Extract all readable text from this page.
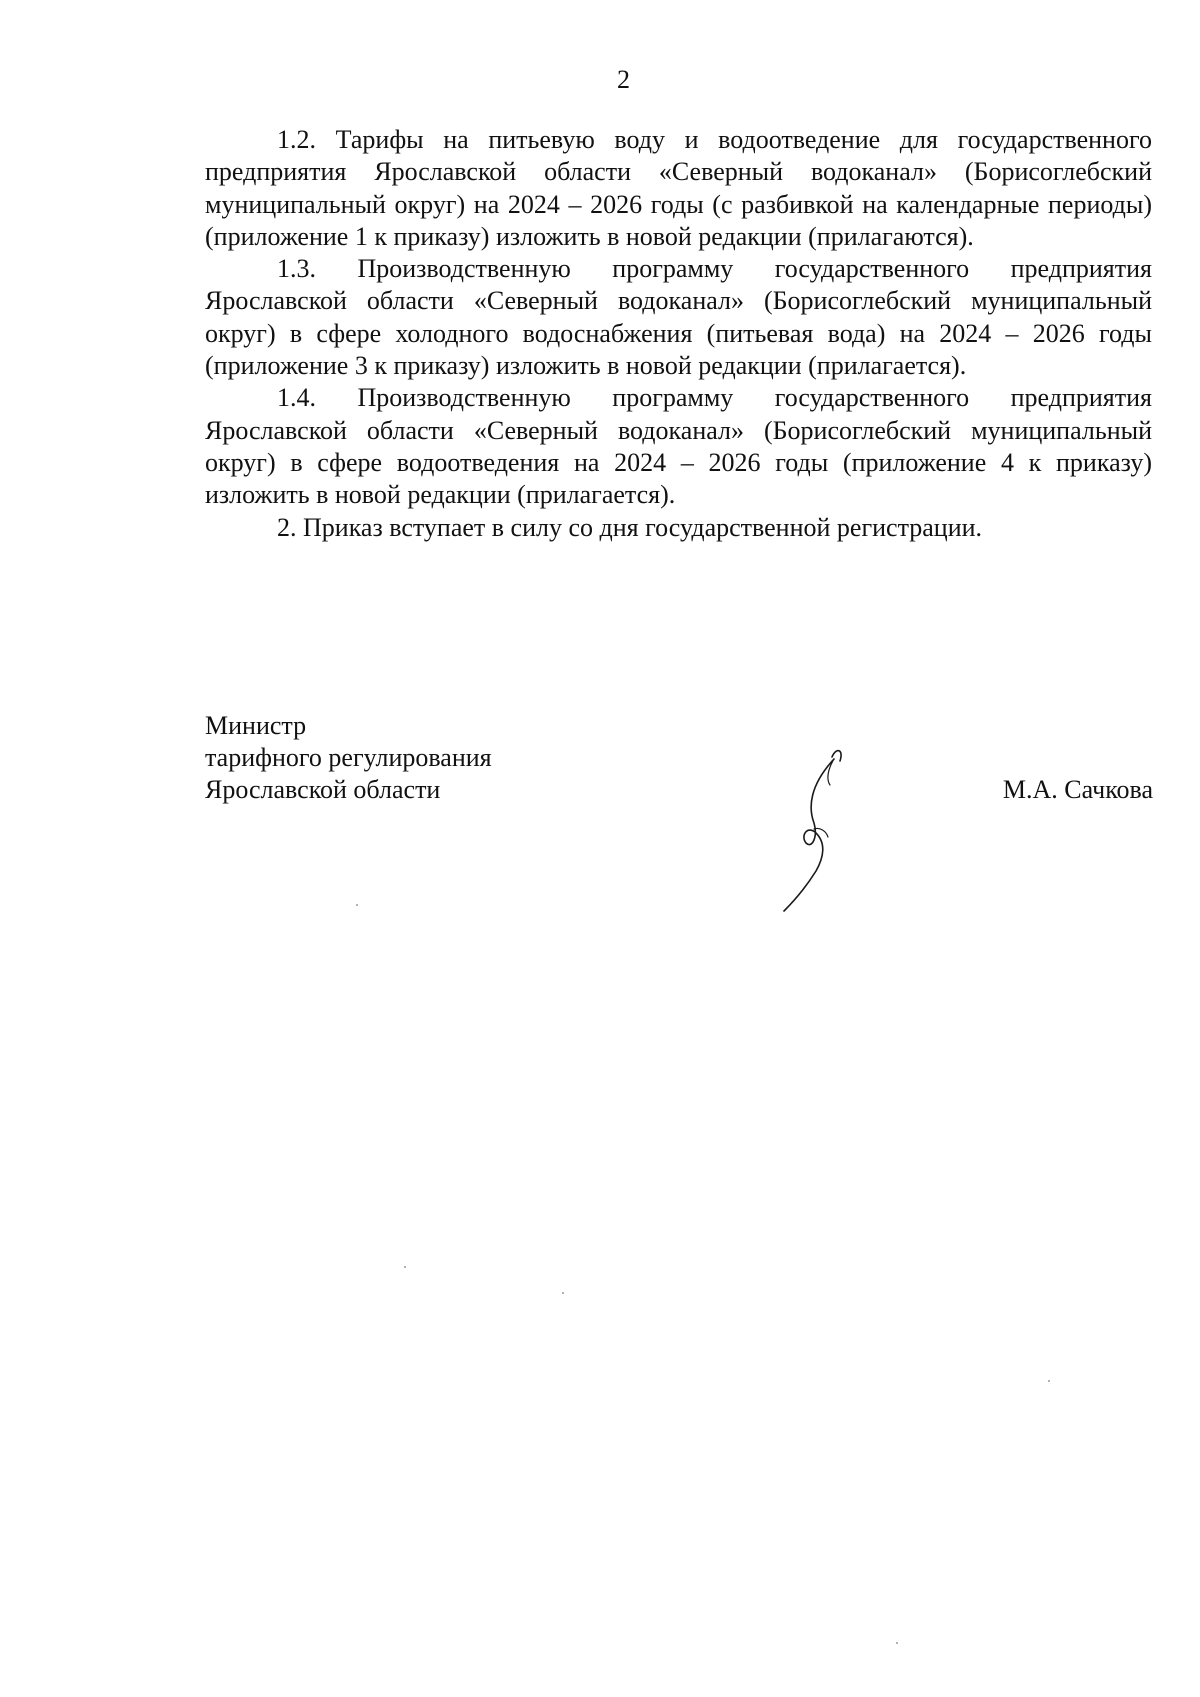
2

1.2. Тарифы на питьевую воду и водоотведение для государственного предприятия Ярославской области «Северный водоканал» (Борисоглебский муниципальный округ) на 2024 – 2026 годы (с разбивкой на календарные периоды) (приложение 1 к приказу) изложить в новой редакции (прилагаются).

1.3. Производственную программу государственного предприятия Ярославской области «Северный водоканал» (Борисоглебский муниципальный округ) в сфере холодного водоснабжения (питьевая вода) на 2024 – 2026 годы (приложение 3 к приказу) изложить в новой редакции (прилагается).

1.4. Производственную программу государственного предприятия Ярославской области «Северный водоканал» (Борисоглебский муниципальный округ) в сфере водоотведения на 2024 – 2026 годы (приложение 4 к приказу) изложить в новой редакции (прилагается).

2. Приказ вступает в силу со дня государственной регистрации.

Министр
тарифного регулирования
Ярославской области	М.А. Сачкова
